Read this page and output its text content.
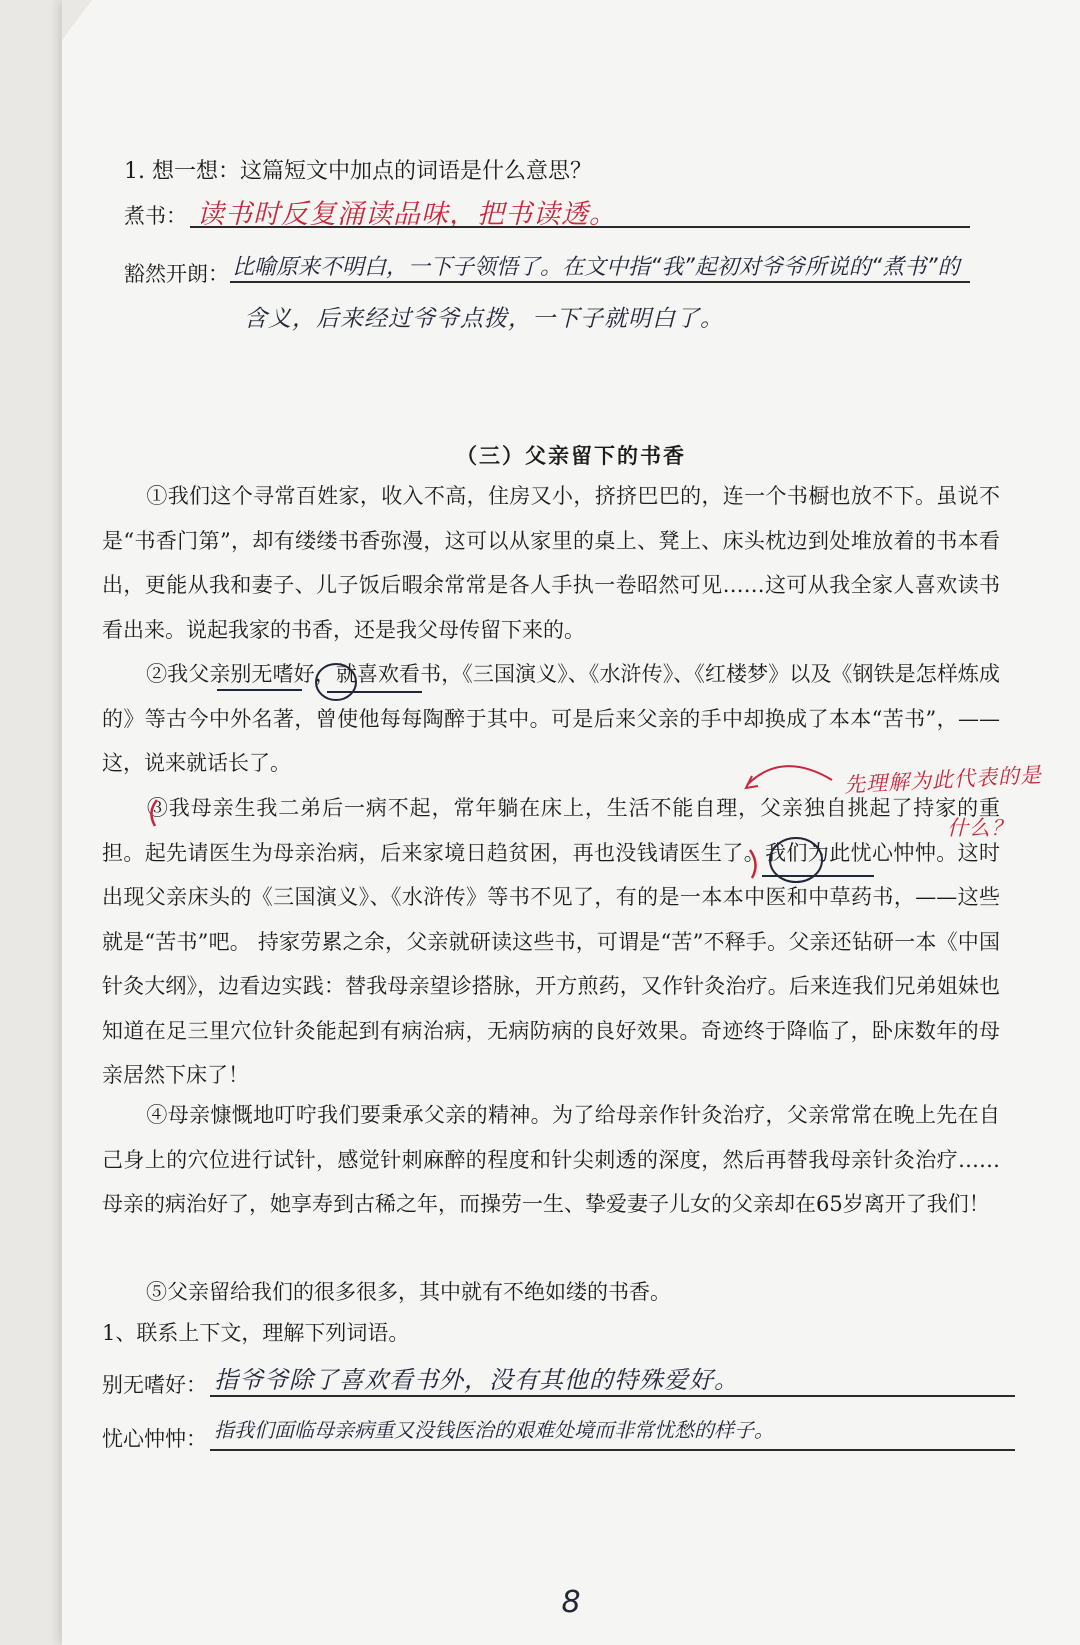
1. 想一想：这篇短文中加点的词语是什么意思？
煮书： 读书时反复涌读品味，把书读透。
豁然开朗： 比喻原来不明白，一下子领悟了。在文中指“我”起初对爷爷所说的“煮书”的
含义，后来经过爷爷点拨，一下子就明白了。
（三）父亲留下的书香
①我们这个寻常百姓家，收入不高，住房又小，挤挤巴巴的，连一个书橱也放不下。虽说不是“书香门第”，却有缕缕书香弥漫，这可以从家里的桌上、凳上、床头枕边到处堆放着的书本看出，更能从我和妻子、儿子饭后暇余常常是各人手执一卷昭然可见……这可从我全家人喜欢读书看出来。说起我家的书香，还是我父母传留下来的。
②我父亲别无嗜好，就喜欢看书，《三国演义》、《水浒传》、《红楼梦》以及《钢铁是怎样炼成的》等古今中外名著，曾使他每每陶醉于其中。可是后来父亲的手中却换成了本本“苦书”，——这，说来就话长了。
③我母亲生我二弟后一病不起，常年躺在床上，生活不能自理，父亲独自挑起了持家的重担。起先请医生为母亲治病，后来家境日趋贫困，再也没钱请医生了。我们为此忧心忡忡。这时出现父亲床头的《三国演义》、《水浒传》等书不见了，有的是一本本中医和中草药书，——这些就是“苦书”吧。 持家劳累之余，父亲就研读这些书，可谓是“苦”不释手。父亲还钻研一本《中国针灸大纲》，边看边实践：替我母亲望诊搭脉，开方煎药，又作针灸治疗。后来连我们兄弟姐妹也知道在足三里穴位针灸能起到有病治病，无病防病的良好效果。奇迹终于降临了，卧床数年的母亲居然下床了！
④母亲慷慨地叮咛我们要秉承父亲的精神。为了给母亲作针灸治疗，父亲常常在晚上先在自己身上的穴位进行试针，感觉针刺麻醉的程度和针尖刺透的深度，然后再替我母亲针灸治疗……母亲的病治好了，她享寿到古稀之年，而操劳一生、挚爱妻子儿女的父亲却在65岁离开了我们！
⑤父亲留给我们的很多很多，其中就有不绝如缕的书香。
先理解为此代表的是
什么？
1、联系上下文，理解下列词语。
别无嗜好： 指爷爷除了喜欢看书外，没有其他的特殊爱好。
忧心忡忡： 指我们面临母亲病重又没钱医治的艰难处境而非常忧愁的样子。
8
